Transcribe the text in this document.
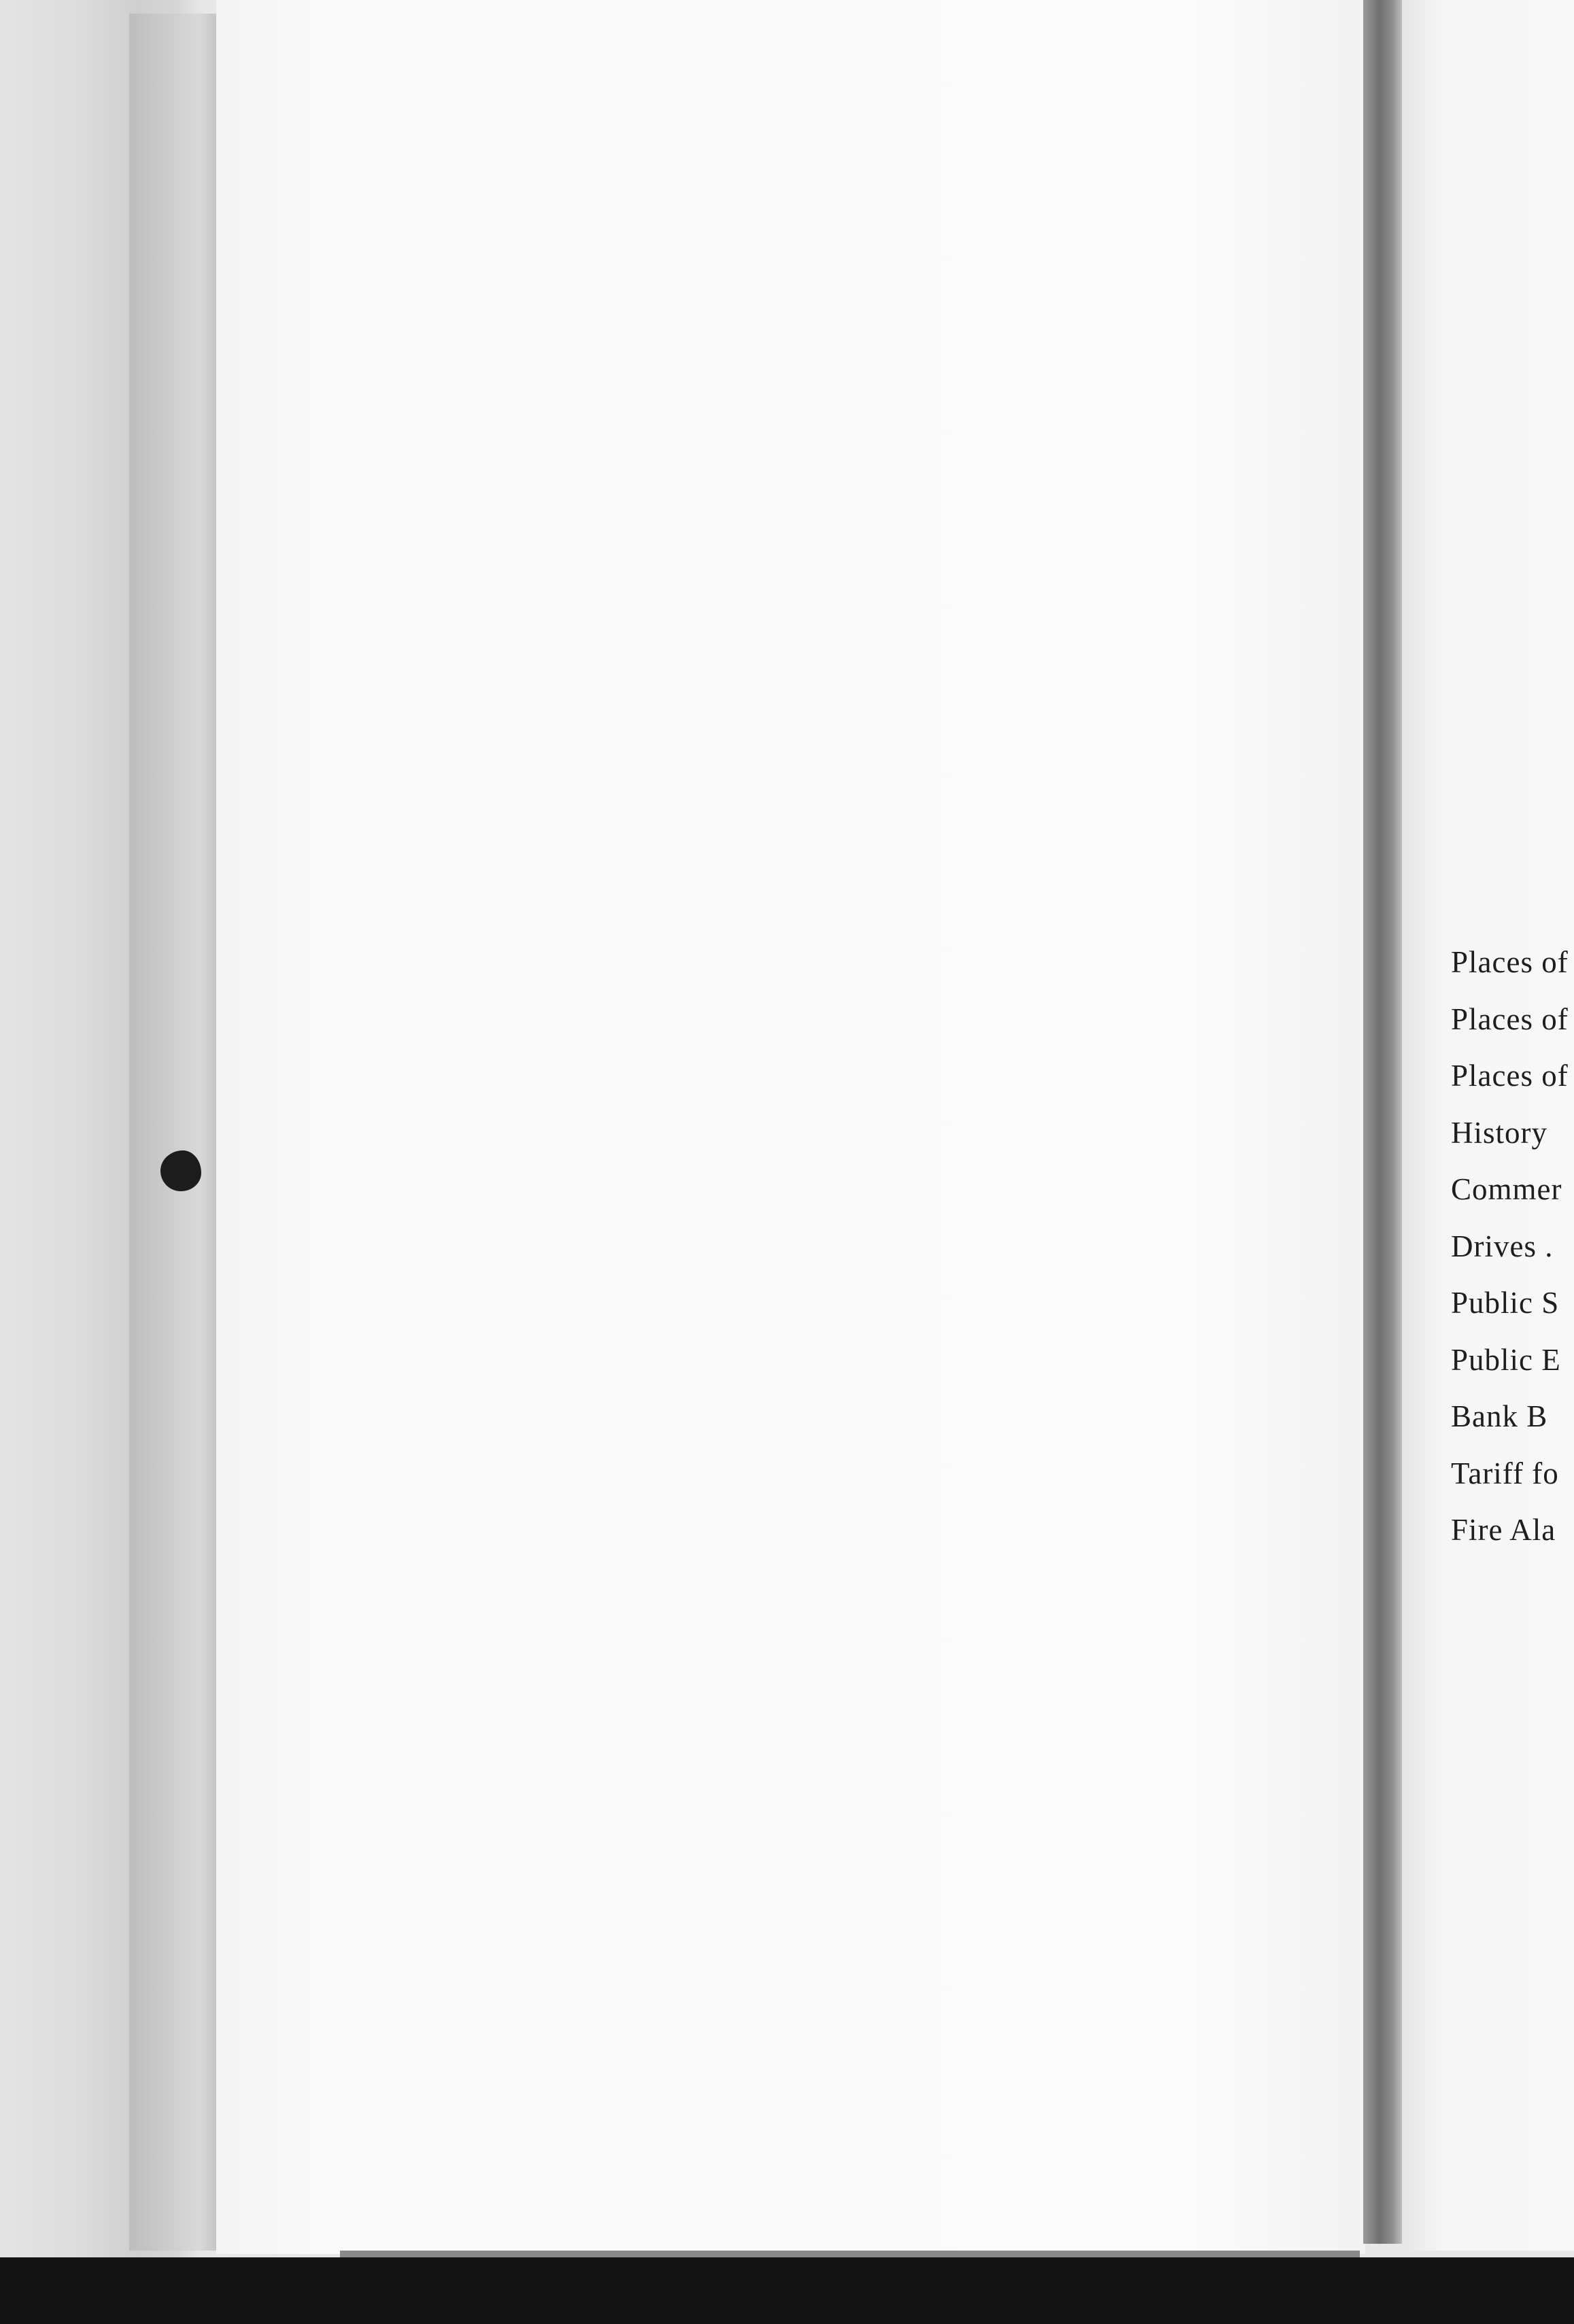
Places of
Places of
Places of
History
Commer
Drives .
Public S
Public E
Bank B
Tariff fo
Fire Ala
